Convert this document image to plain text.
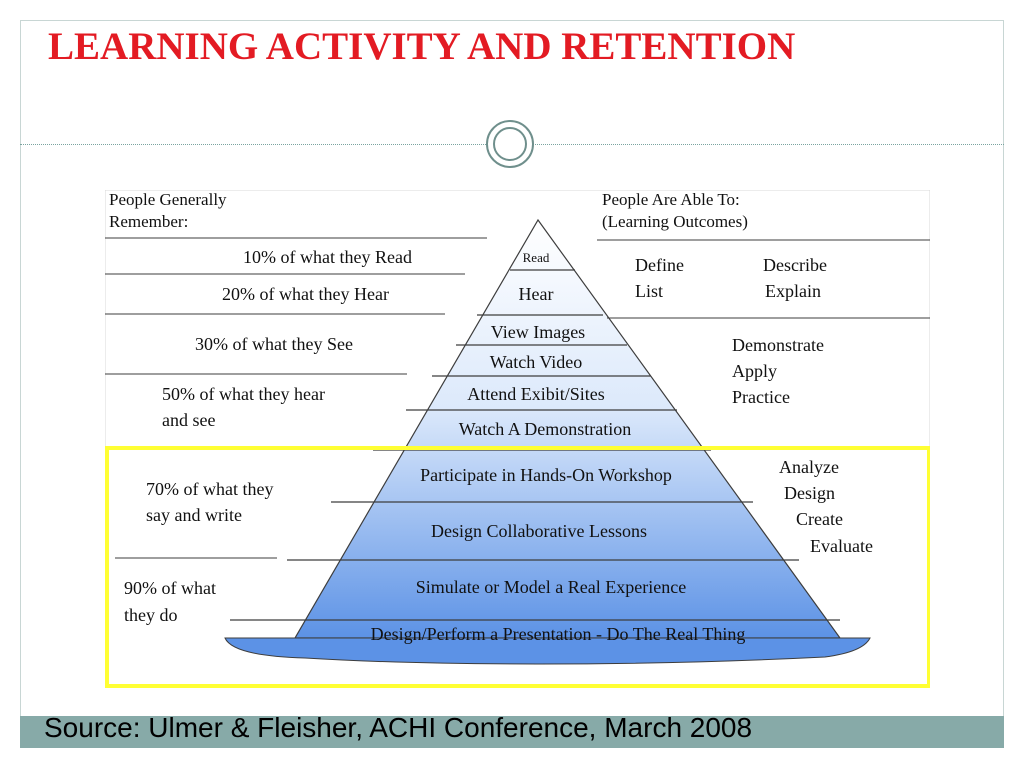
LEARNING ACTIVITY AND RETENTION
People Generally
Remember:
People Are Able To:
(Learning Outcomes)
10% of what they Read
20% of what they Hear
30% of what they See
50% of what they hear
and see
70% of what they
say and write
90% of what
they do
Read
Hear
View Images
Watch Video
Attend Exibit/Sites
Watch A Demonstration
Participate in Hands-On Workshop
Design Collaborative Lessons
Simulate or Model a Real Experience
Design/Perform a Presentation - Do The Real Thing
Define
List
Describe
Explain
Demonstrate
Apply
Practice
Analyze
Design
Create
Evaluate
Source: Ulmer & Fleisher, ACHI Conference, March 2008
